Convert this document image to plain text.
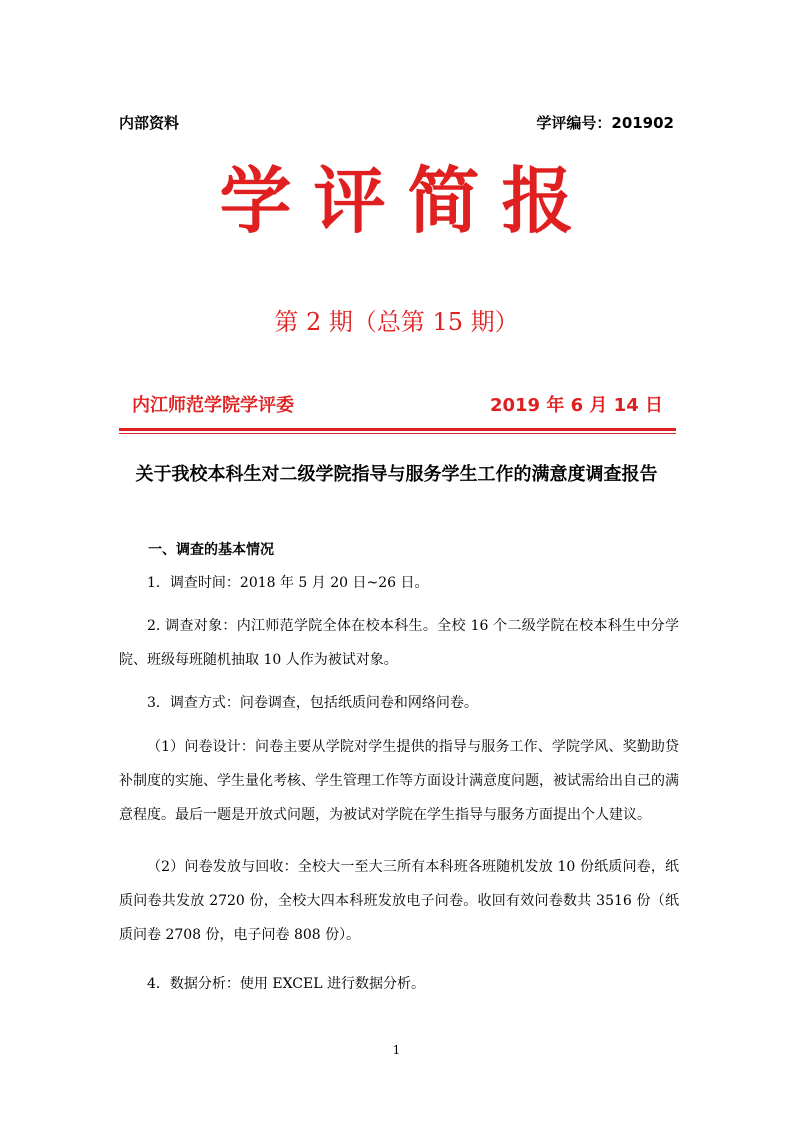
内部资料	学评编号：201902
学评简报
第 2 期（总第 15 期）
内江师范学院学评委	2019 年 6 月 14 日
关于我校本科生对二级学院指导与服务学生工作的满意度调查报告
一、调查的基本情况
1．调查时间：2018 年 5 月 20 日~26 日。
2. 调查对象：内江师范学院全体在校本科生。全校 16 个二级学院在校本科生中分学院、班级每班随机抽取 10 人作为被试对象。
3．调查方式：问卷调查，包括纸质问卷和网络问卷。
（1）问卷设计：问卷主要从学院对学生提供的指导与服务工作、学院学风、奖勤助贷补制度的实施、学生量化考核、学生管理工作等方面设计满意度问题，被试需给出自己的满意程度。最后一题是开放式问题，为被试对学院在学生指导与服务方面提出个人建议。
（2）问卷发放与回收：全校大一至大三所有本科班各班随机发放 10 份纸质问卷，纸质问卷共发放 2720 份，全校大四本科班发放电子问卷。收回有效问卷数共 3516 份（纸质问卷 2708 份，电子问卷 808 份）。
4．数据分析：使用 EXCEL 进行数据分析。
1
